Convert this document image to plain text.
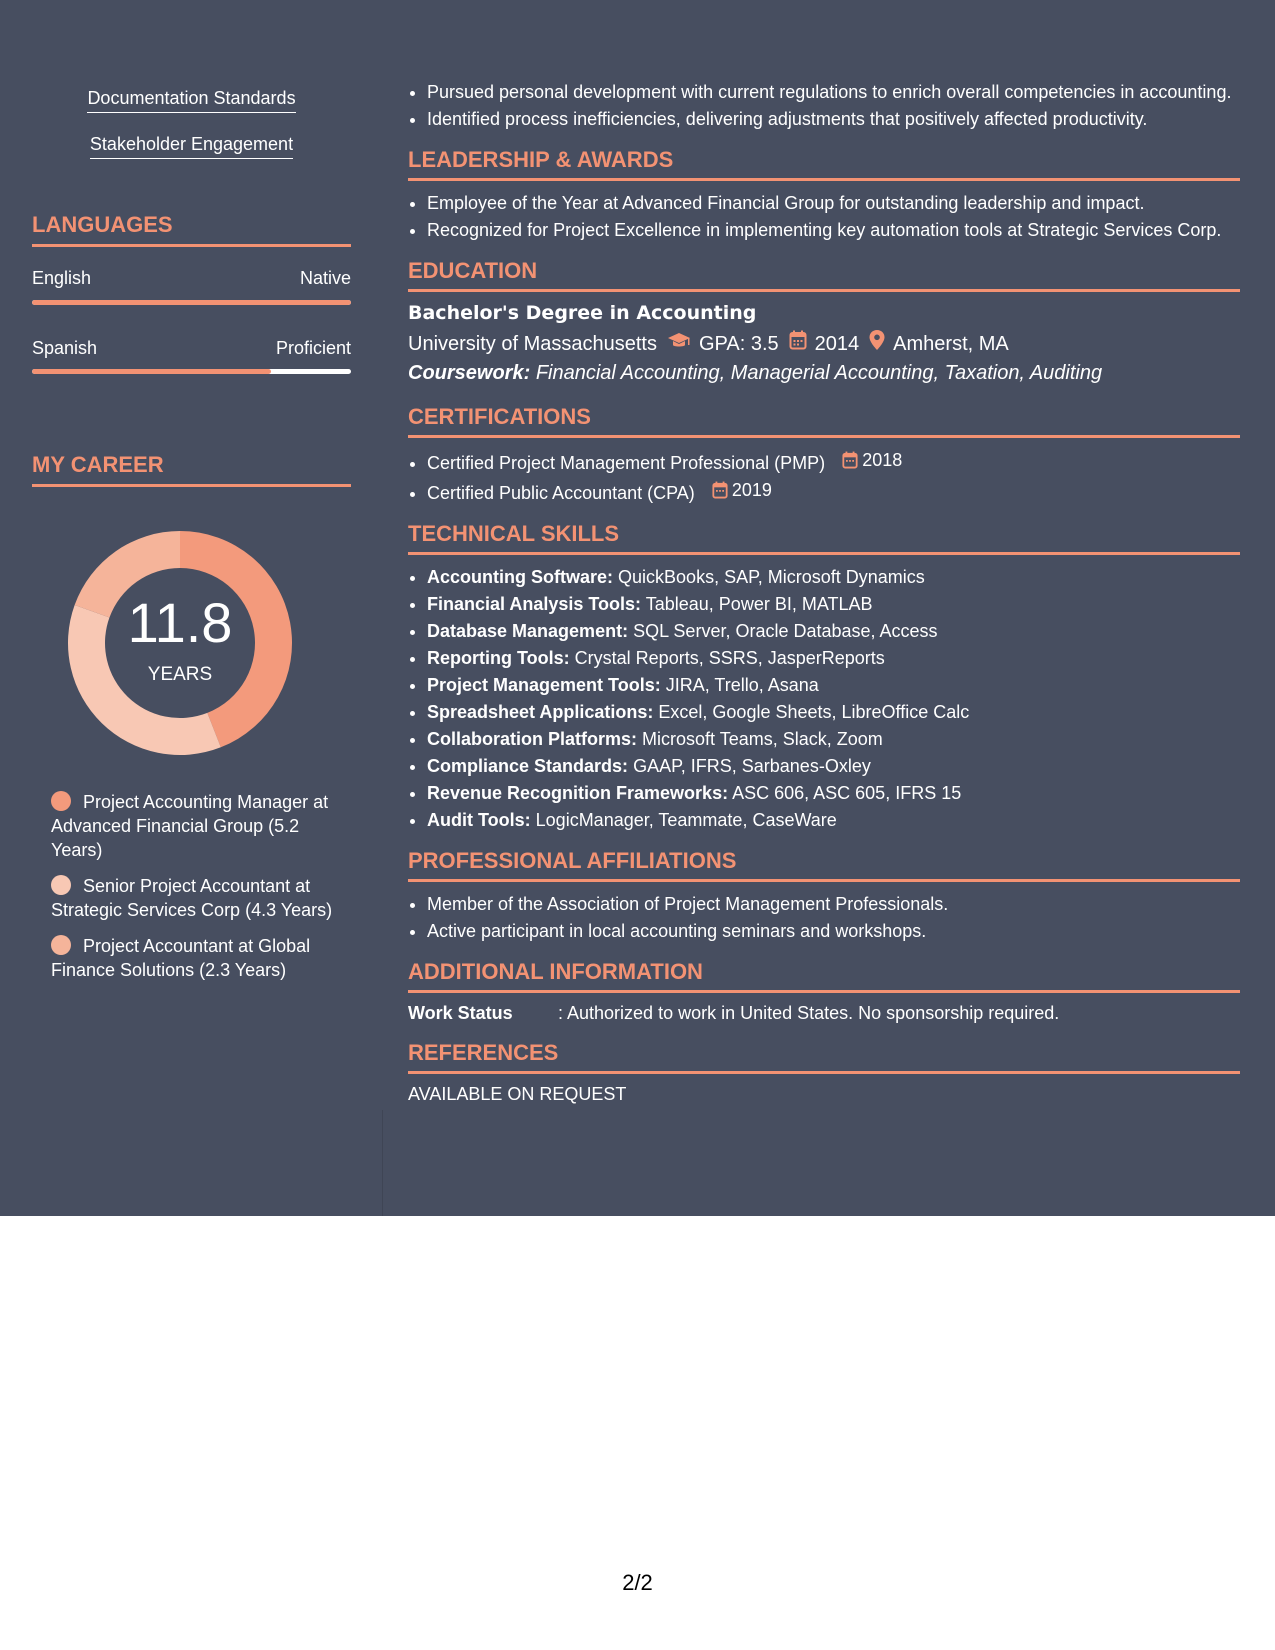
Documentation Standards
Stakeholder Engagement
LANGUAGES
English	Native
Spanish	Proficient
MY CAREER
11.8
YEARS
Project Accounting Manager at Advanced Financial Group (5.2 Years)
Senior Project Accountant at Strategic Services Corp (4.3 Years)
Project Accountant at Global Finance Solutions (2.3 Years)
• Pursued personal development with current regulations to enrich overall competencies in accounting.
• Identified process inefficiencies, delivering adjustments that positively affected productivity.
LEADERSHIP & AWARDS
• Employee of the Year at Advanced Financial Group for outstanding leadership and impact.
• Recognized for Project Excellence in implementing key automation tools at Strategic Services Corp.
EDUCATION
Bachelor's Degree in Accounting
University of Massachusetts GPA: 3.5 2014 Amherst, MA
Coursework: Financial Accounting, Managerial Accounting, Taxation, Auditing
CERTIFICATIONS
• Certified Project Management Professional (PMP) 2018
• Certified Public Accountant (CPA) 2019
TECHNICAL SKILLS
• Accounting Software: QuickBooks, SAP, Microsoft Dynamics
• Financial Analysis Tools: Tableau, Power BI, MATLAB
• Database Management: SQL Server, Oracle Database, Access
• Reporting Tools: Crystal Reports, SSRS, JasperReports
• Project Management Tools: JIRA, Trello, Asana
• Spreadsheet Applications: Excel, Google Sheets, LibreOffice Calc
• Collaboration Platforms: Microsoft Teams, Slack, Zoom
• Compliance Standards: GAAP, IFRS, Sarbanes-Oxley
• Revenue Recognition Frameworks: ASC 606, ASC 605, IFRS 15
• Audit Tools: LogicManager, Teammate, CaseWare
PROFESSIONAL AFFILIATIONS
• Member of the Association of Project Management Professionals.
• Active participant in local accounting seminars and workshops.
ADDITIONAL INFORMATION
Work Status	: Authorized to work in United States. No sponsorship required.
REFERENCES
AVAILABLE ON REQUEST
2/2
